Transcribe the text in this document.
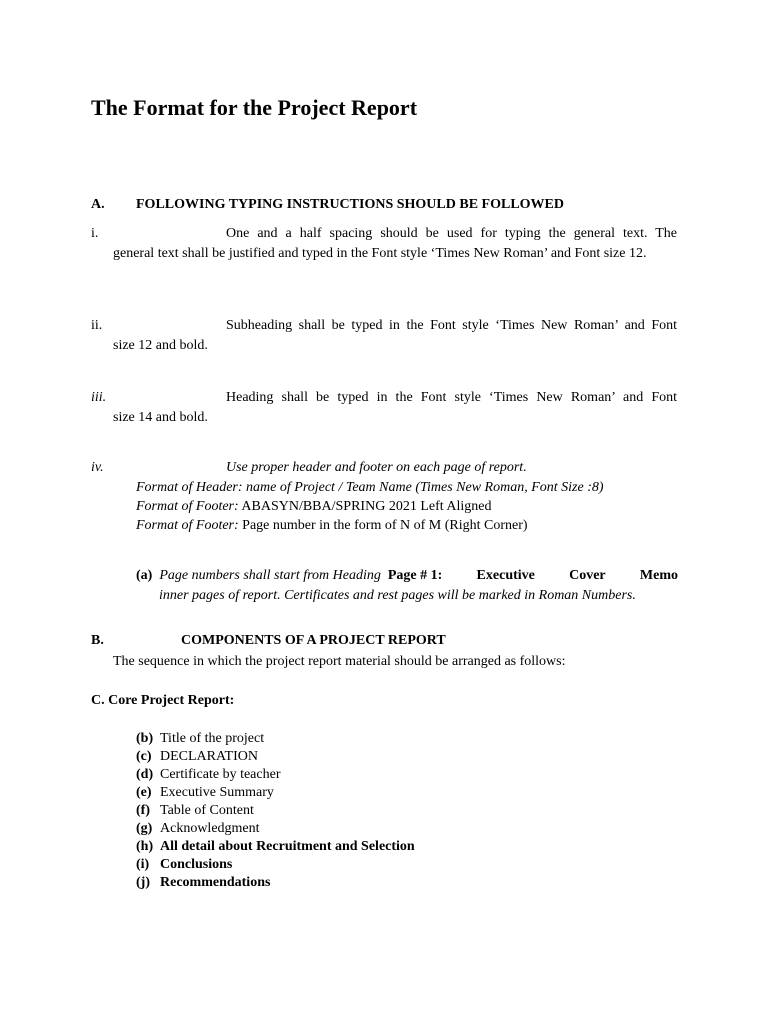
The Format for the Project Report
A. FOLLOWING TYPING INSTRUCTIONS SHOULD BE FOLLOWED
i.	One and a half spacing should be used for typing the general text. The
general text shall be justified and typed in the Font style ‘Times New Roman’ and Font size 12.
ii.	Subheading shall be typed in the Font style ‘Times New Roman’ and Font
size 12 and bold.
iii.	Heading shall be typed in the Font style ‘Times New Roman’ and Font
size 14 and bold.
iv.	Use proper header and footer on each page of report.
Format of Header: name of Project / Team Name (Times New Roman, Font Size :8)
Format of Footer: ABASYN/BBA/SPRING 2021 Left Aligned
Format of Footer: Page number in the form of N of M (Right Corner)
(a) Page numbers shall start from Heading Page # 1: Executive Cover Memo
inner pages of report. Certificates and rest pages will be marked in Roman Numbers.
B.	COMPONENTS OF A PROJECT REPORT
The sequence in which the project report material should be arranged as follows:
C. Core Project Report:
(b) Title of the project
(c) DECLARATION
(d) Certificate by teacher
(e) Executive Summary
(f) Table of Content
(g) Acknowledgment
(h) All detail about Recruitment and Selection
(i) Conclusions
(j) Recommendations
